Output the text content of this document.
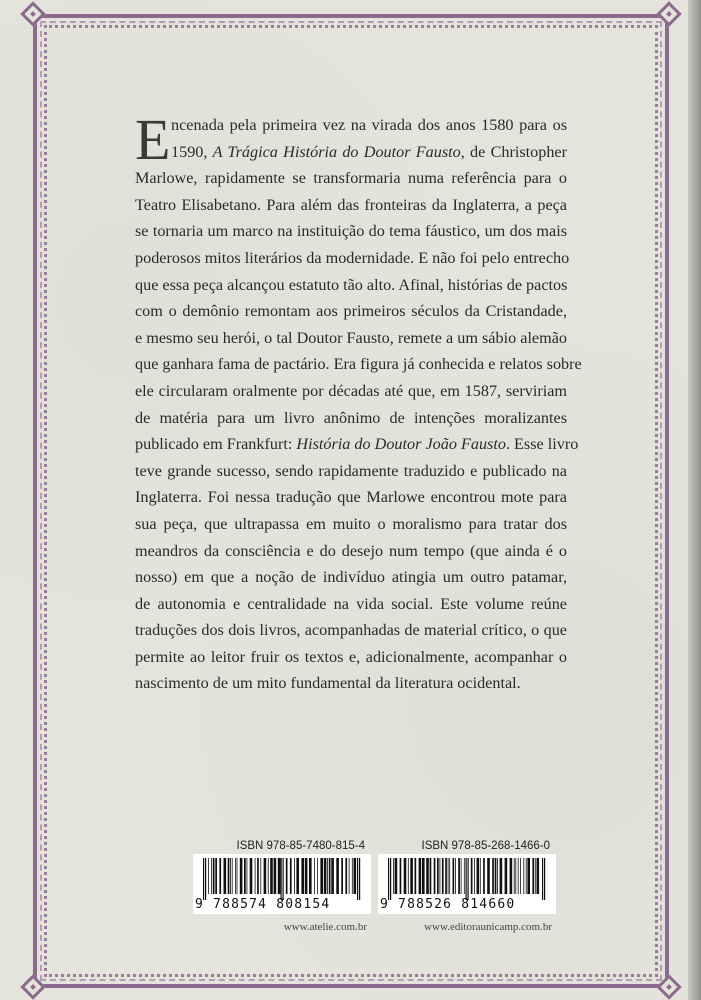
E ncenada pela primeira vez na virada dos anos 1580 para os
1590, A Trágica História do Doutor Fausto, de Christopher
Marlowe, rapidamente se transformaria numa referência para o
Teatro Elisabetano. Para além das fronteiras da Inglaterra, a peça
se tornaria um marco na instituição do tema fáustico, um dos mais
poderosos mitos literários da modernidade. E não foi pelo entrecho
que essa peça alcançou estatuto tão alto. Afinal, histórias de pactos
com o demônio remontam aos primeiros séculos da Cristandade,
e mesmo seu herói, o tal Doutor Fausto, remete a um sábio alemão
que ganhara fama de pactário. Era figura já conhecida e relatos sobre
ele circularam oralmente por décadas até que, em 1587, serviriam
de matéria para um livro anônimo de intenções moralizantes
publicado em Frankfurt: História do Doutor João Fausto. Esse livro
teve grande sucesso, sendo rapidamente traduzido e publicado na
Inglaterra. Foi nessa tradução que Marlowe encontrou mote para
sua peça, que ultrapassa em muito o moralismo para tratar dos
meandros da consciência e do desejo num tempo (que ainda é o
nosso) em que a noção de indivíduo atingia um outro patamar,
de autonomia e centralidade na vida social. Este volume reúne
traduções dos dois livros, acompanhadas de material crítico, o que
permite ao leitor fruir os textos e, adicionalmente, acompanhar o
nascimento de um mito fundamental da literatura ocidental.
ISBN 978-85-7480-815-4
9 788574 808154
www.atelie.com.br
ISBN 978-85-268-1466-0
9 788526 814660
www.editoraunicamp.com.br
